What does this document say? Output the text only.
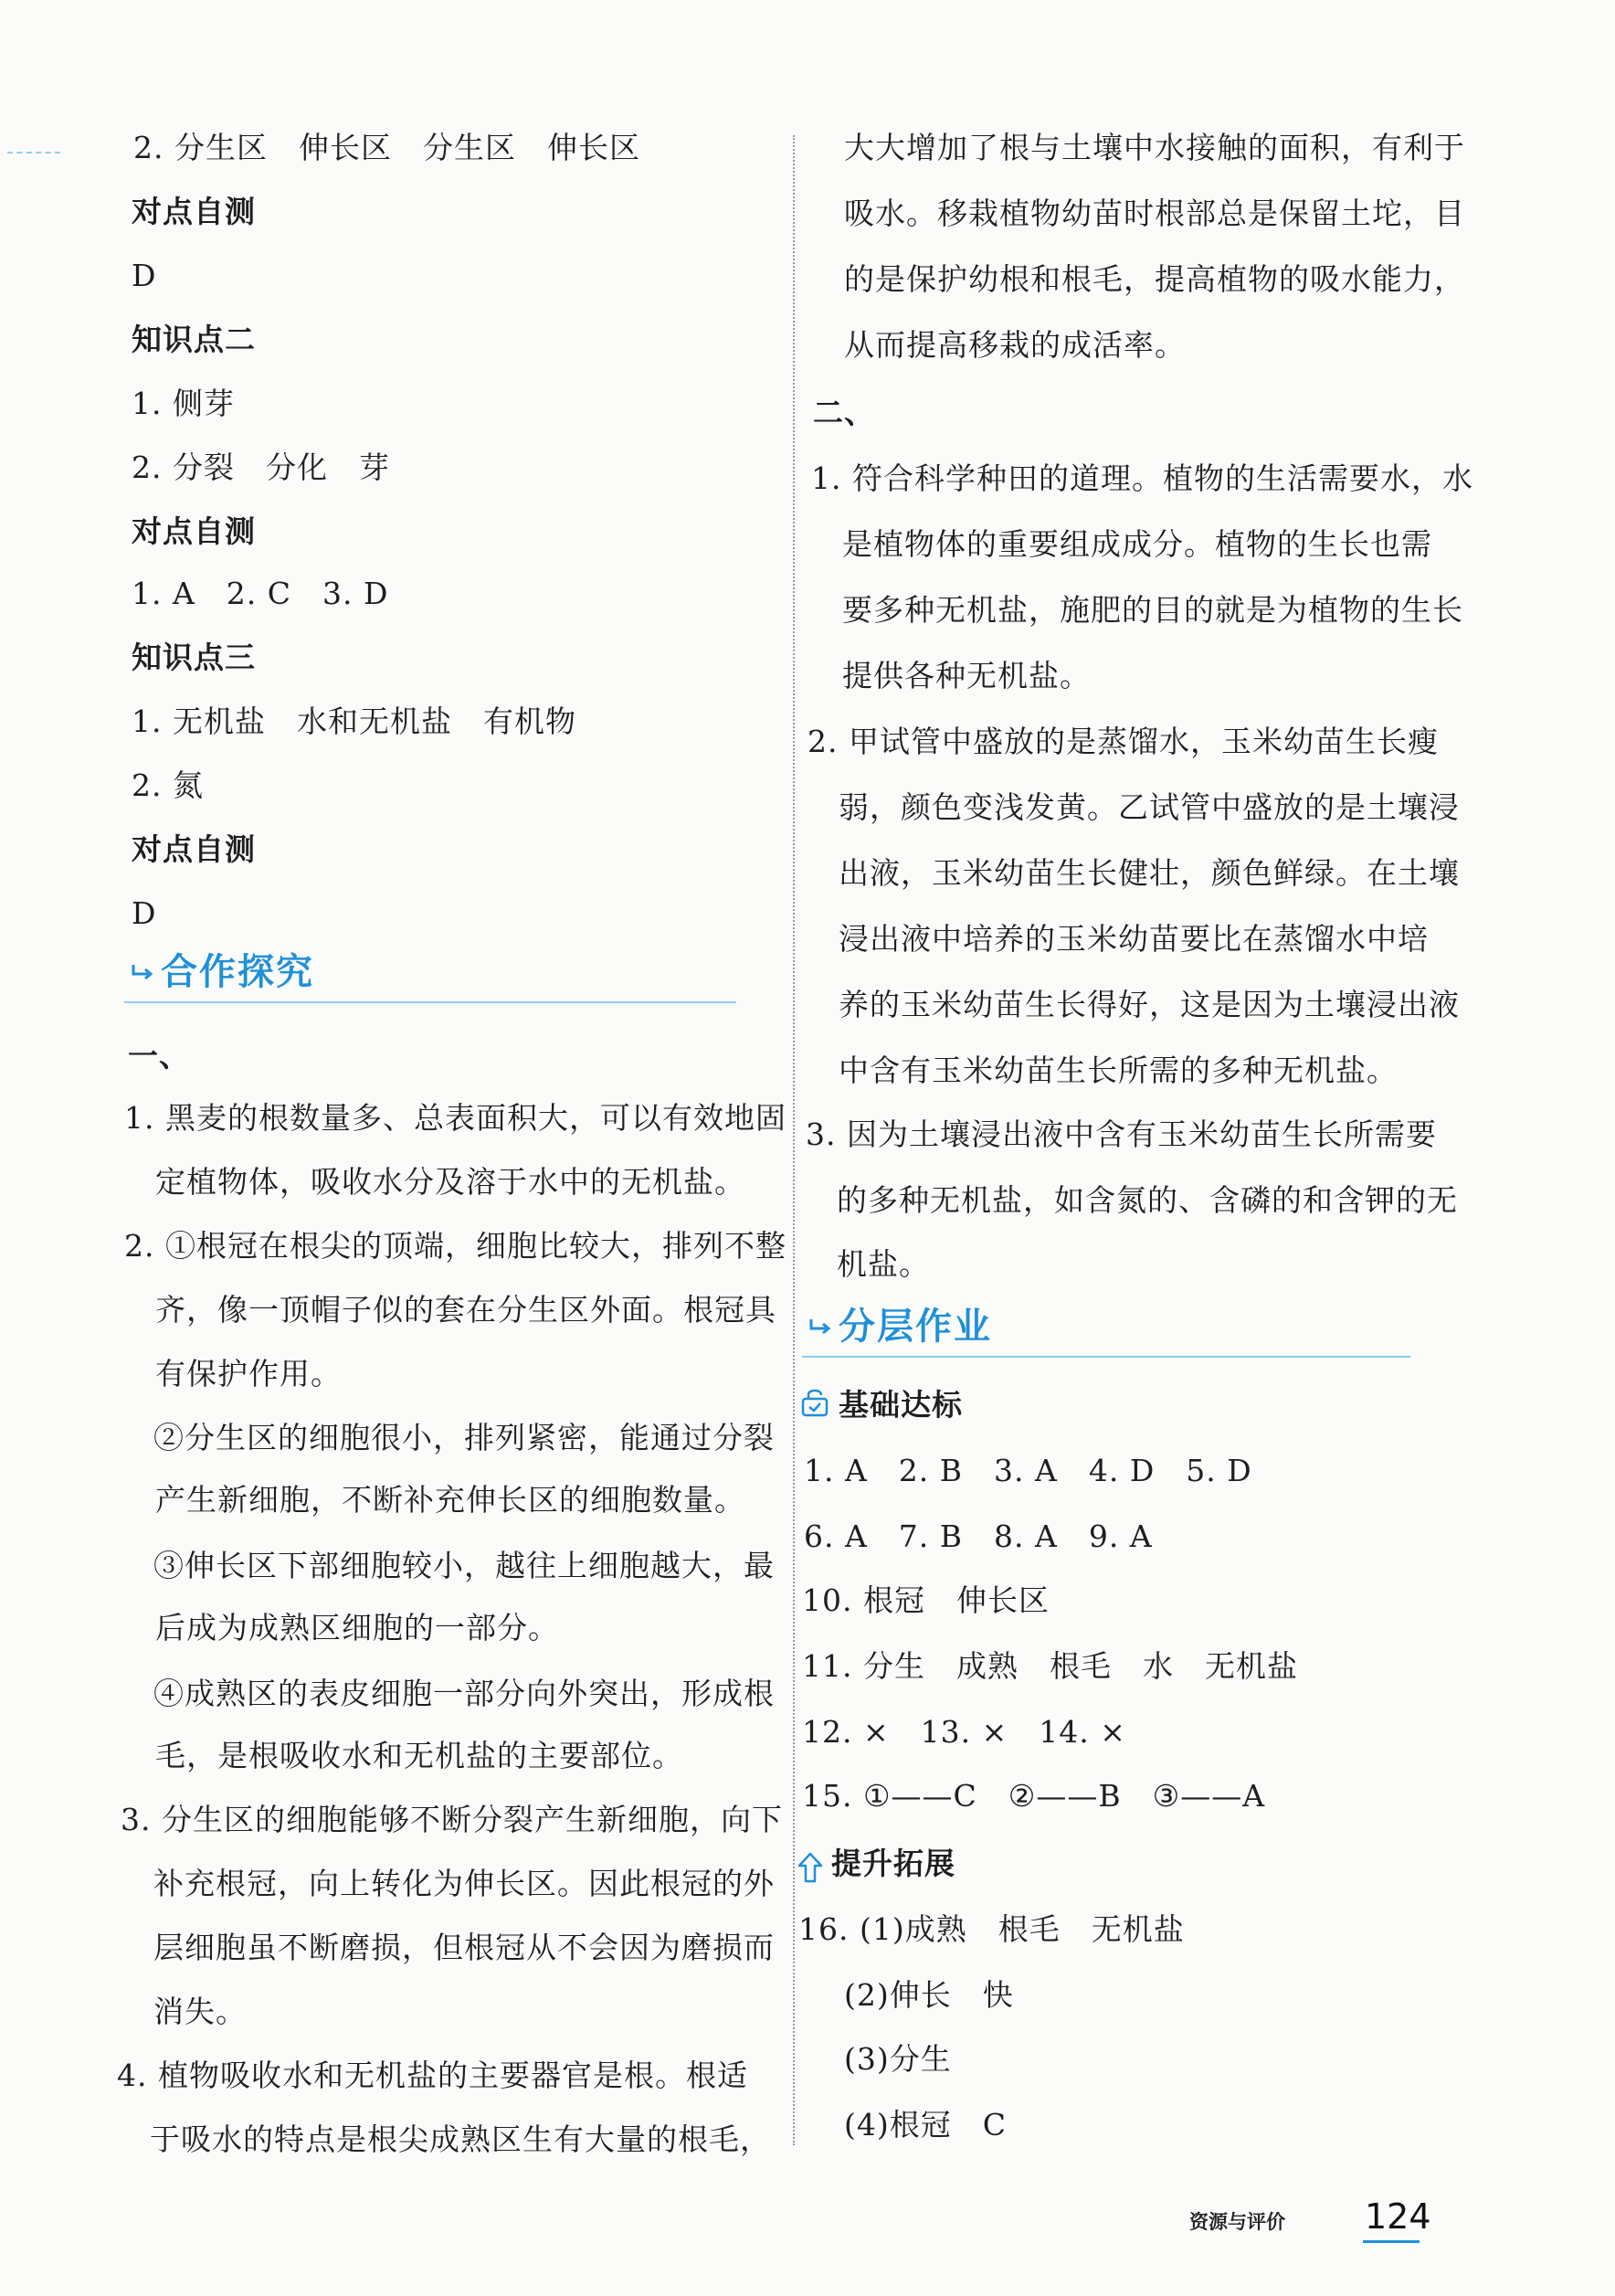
2. 分生区　伸长区　分生区　伸长区
对点自测
D
知识点二
1. 侧芽
2. 分裂　分化　芽
对点自测
1. A　2. C　3. D
知识点三
1. 无机盐　水和无机盐　有机物
2. 氮
对点自测
D
合作探究
一、
1. 黑麦的根数量多、总表面积大，可以有效地固
定植物体，吸收水分及溶于水中的无机盐。
2. ①根冠在根尖的顶端，细胞比较大，排列不整
齐，像一顶帽子似的套在分生区外面。根冠具
有保护作用。
②分生区的细胞很小，排列紧密，能通过分裂
产生新细胞，不断补充伸长区的细胞数量。
③伸长区下部细胞较小，越往上细胞越大，最
后成为成熟区细胞的一部分。
④成熟区的表皮细胞一部分向外突出，形成根
毛，是根吸收水和无机盐的主要部位。
3. 分生区的细胞能够不断分裂产生新细胞，向下
补充根冠，向上转化为伸长区。因此根冠的外
层细胞虽不断磨损，但根冠从不会因为磨损而
消失。
4. 植物吸收水和无机盐的主要器官是根。根适
于吸水的特点是根尖成熟区生有大量的根毛，
大大增加了根与土壤中水接触的面积，有利于
吸水。移栽植物幼苗时根部总是保留土坨，目
的是保护幼根和根毛，提高植物的吸水能力，
从而提高移栽的成活率。
二、
1. 符合科学种田的道理。植物的生活需要水，水
是植物体的重要组成成分。植物的生长也需
要多种无机盐，施肥的目的就是为植物的生长
提供各种无机盐。
2. 甲试管中盛放的是蒸馏水，玉米幼苗生长瘦
弱，颜色变浅发黄。乙试管中盛放的是土壤浸
出液，玉米幼苗生长健壮，颜色鲜绿。在土壤
浸出液中培养的玉米幼苗要比在蒸馏水中培
养的玉米幼苗生长得好，这是因为土壤浸出液
中含有玉米幼苗生长所需的多种无机盐。
3. 因为土壤浸出液中含有玉米幼苗生长所需要
的多种无机盐，如含氮的、含磷的和含钾的无
机盐。
分层作业
基础达标
1. A　2. B　3. A　4. D　5. D
6. A　7. B　8. A　9. A
10. 根冠　伸长区
11. 分生　成熟　根毛　水　无机盐
12. ×　13. ×　14. ×
15. ①——C　②——B　③——A
提升拓展
16. (1)成熟　根毛　无机盐
(2)伸长　快
(3)分生
(4)根冠　C
资源与评价 124
